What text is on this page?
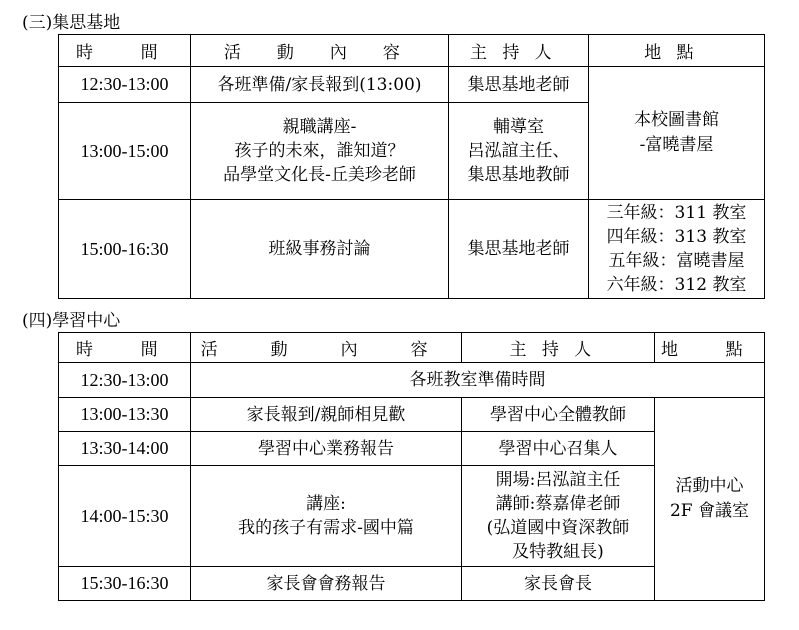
(三)集思基地
時　間	活 動 內 容	主持人	地點
12:30-13:00	各班準備/家長報到(13:00)	集思基地老師	本校圖書館
-富曉書屋

13:00-15:00	親職講座-
孩子的未來，誰知道？
品學堂文化長-丘美珍老師	輔導室
呂泓誼主任、
集思基地教師	

15:00-16:30	班級事務討論	集思基地老師	三年級：311 教室
四年級：313 教室
五年級：富曉書屋
六年級：312 教室
(四)學習中心
時　間	活 動 內 容	主持人	地　點
12:30-13:00	各班教室準備時間		

13:00-13:30	家長報到/親師相見歡	學習中心全體教師	活動中心
2F 會議室

13:30-14:00	學習中心業務報告	學習中心召集人	

14:00-15:30	講座:
我的孩子有需求-國中篇	開場:呂泓誼主任
講師:蔡嘉偉老師
(弘道國中資深教師
及特教組長)	

15:30-16:30	家長會會務報告	家長會長	
